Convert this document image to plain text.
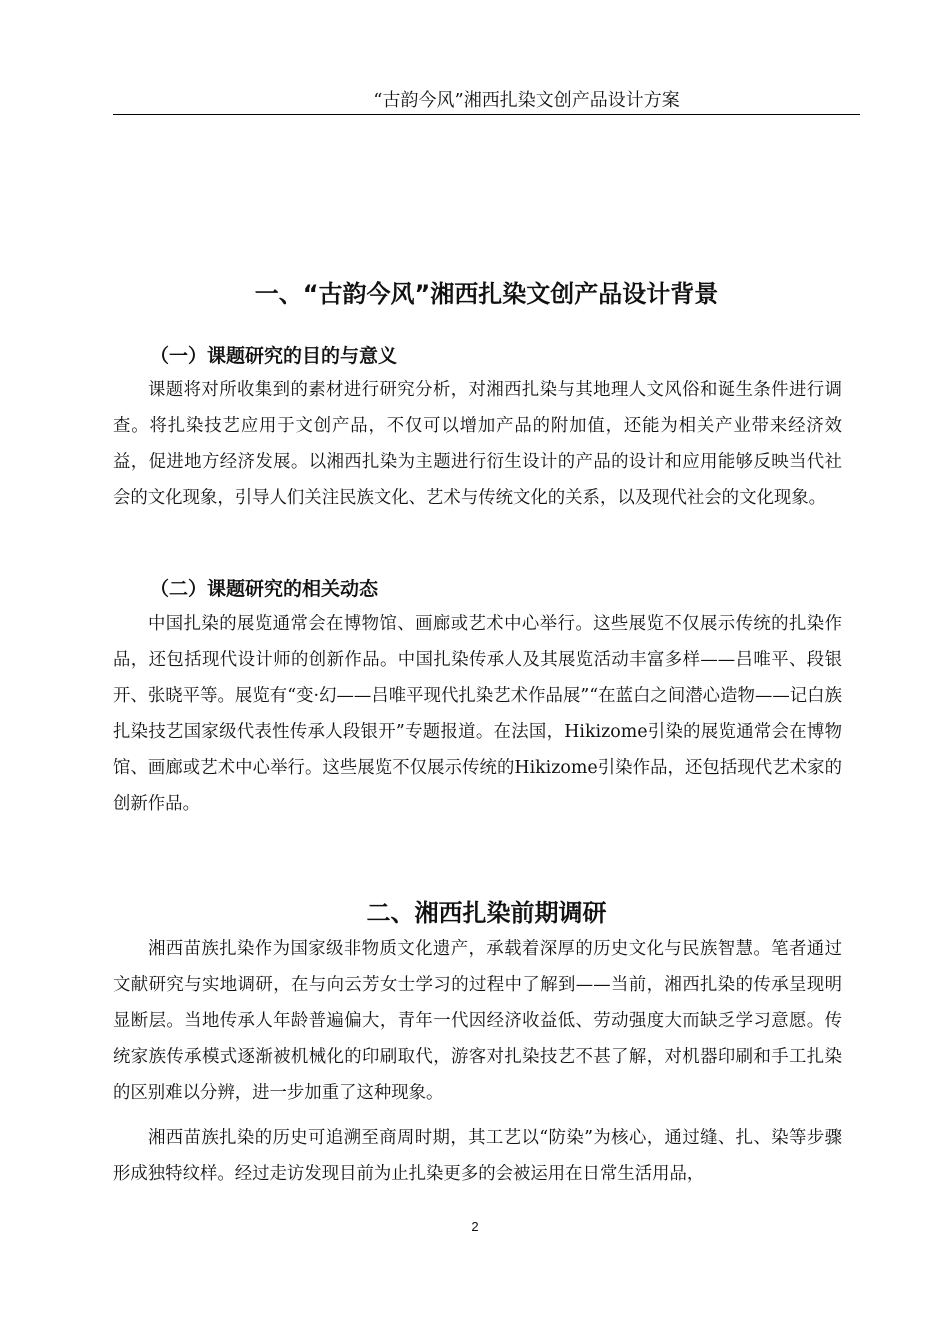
“古韵今风”湘西扎染文创产品设计方案
一、“古韵今风”湘西扎染文创产品设计背景
（一）课题研究的目的与意义

课题将对所收集到的素材进行研究分析，对湘西扎染与其地理人文风俗和诞生条件进行调查。将扎染技艺应用于文创产品，不仅可以增加产品的附加值，还能为相关产业带来经济效益，促进地方经济发展。以湘西扎染为主题进行衍生设计的产品的设计和应用能够反映当代社会的文化现象，引导人们关注民族文化、艺术与传统文化的关系，以及现代社会的文化现象。

（二）课题研究的相关动态

中国扎染的展览通常会在博物馆、画廊或艺术中心举行。这些展览不仅展示传统的扎染作品，还包括现代设计师的创新作品。中国扎染传承人及其展览活动丰富多样——吕唯平、段银开、张晓平等。展览有“变·幻——吕唯平现代扎染艺术作品展”“在蓝白之间潜心造物——记白族扎染技艺国家级代表性传承人段银开”专题报道。在法国，Hikizome引染的展览通常会在博物馆、画廊或艺术中心举行。这些展览不仅展示传统的Hikizome引染作品，还包括现代艺术家的创新作品。

二、湘西扎染前期调研

湘西苗族扎染作为国家级非物质文化遗产，承载着深厚的历史文化与民族智慧。笔者通过文献研究与实地调研，在与向云芳女士学习的过程中了解到——当前，湘西扎染的传承呈现明显断层。当地传承人年龄普遍偏大，青年一代因经济收益低、劳动强度大而缺乏学习意愿。传统家族传承模式逐渐被机械化的印刷取代，游客对扎染技艺不甚了解，对机器印刷和手工扎染的区别难以分辨，进一步加重了这种现象。

湘西苗族扎染的历史可追溯至商周时期，其工艺以“防染”为核心，通过缝、扎、染等步骤形成独特纹样。经过走访发现目前为止扎染更多的会被运用在日常生活用品，

2
